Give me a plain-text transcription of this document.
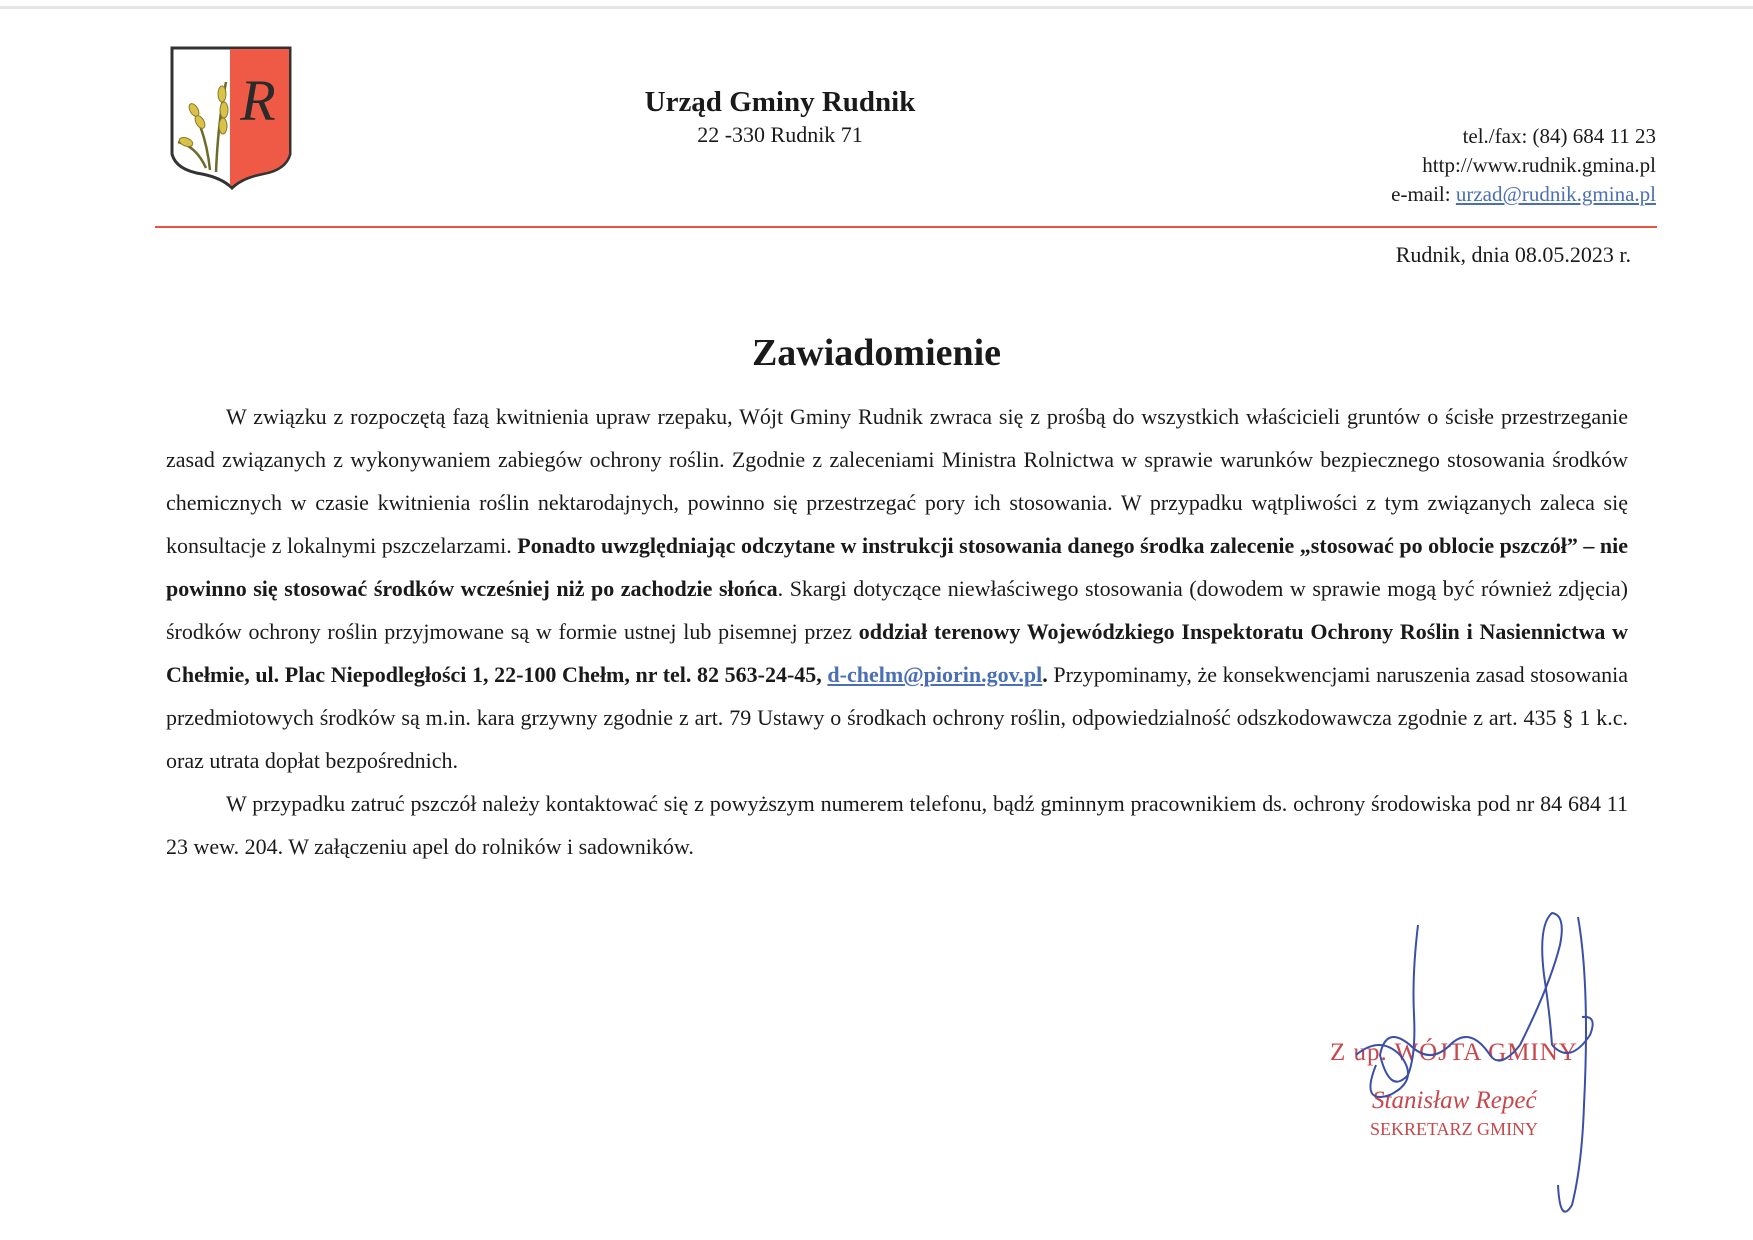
R	Urząd Gminy Rudnik
22 -330 Rudnik 71	tel./fax: (84) 684 11 23
http://www.rudnik.gmina.pl
e-mail: urzad@rudnik.gmina.pl
Rudnik, dnia 08.05.2023 r.
Zawiadomienie

W związku z rozpoczętą fazą kwitnienia upraw rzepaku, Wójt Gminy Rudnik zwraca się z prośbą do wszystkich właścicieli gruntów o ścisłe przestrzeganie zasad związanych z wykonywaniem zabiegów ochrony roślin. Zgodnie z zaleceniami Ministra Rolnictwa w sprawie warunków bezpiecznego stosowania środków chemicznych w czasie kwitnienia roślin nektarodajnych, powinno się przestrzegać pory ich stosowania. W przypadku wątpliwości z tym związanych zaleca się konsultacje z lokalnymi pszczelarzami. Ponadto uwzględniając odczytane w instrukcji stosowania danego środka zalecenie „stosować po oblocie pszczół” – nie powinno się stosować środków wcześniej niż po zachodzie słońca. Skargi dotyczące niewłaściwego stosowania (dowodem w sprawie mogą być również zdjęcia) środków ochrony roślin przyjmowane są w formie ustnej lub pisemnej przez oddział terenowy Wojewódzkiego Inspektoratu Ochrony Roślin i Nasiennictwa w Chełmie, ul. Plac Niepodległości 1, 22-100 Chełm, nr tel. 82 563-24-45, d-chelm@piorin.gov.pl. Przypominamy, że konsekwencjami naruszenia zasad stosowania przedmiotowych środków są m.in. kara grzywny zgodnie z art. 79 Ustawy o środkach ochrony roślin, odpowiedzialność odszkodowawcza zgodnie z art. 435 § 1 k.c. oraz utrata dopłat bezpośrednich.

W przypadku zatruć pszczół należy kontaktować się z powyższym numerem telefonu, bądź gminnym pracownikiem ds. ochrony środowiska pod nr 84 684 11 23 wew. 204. W załączeniu apel do rolników i sadowników.

Z up. WÓJTA GMINY
Stanisław Repeć
SEKRETARZ GMINY
